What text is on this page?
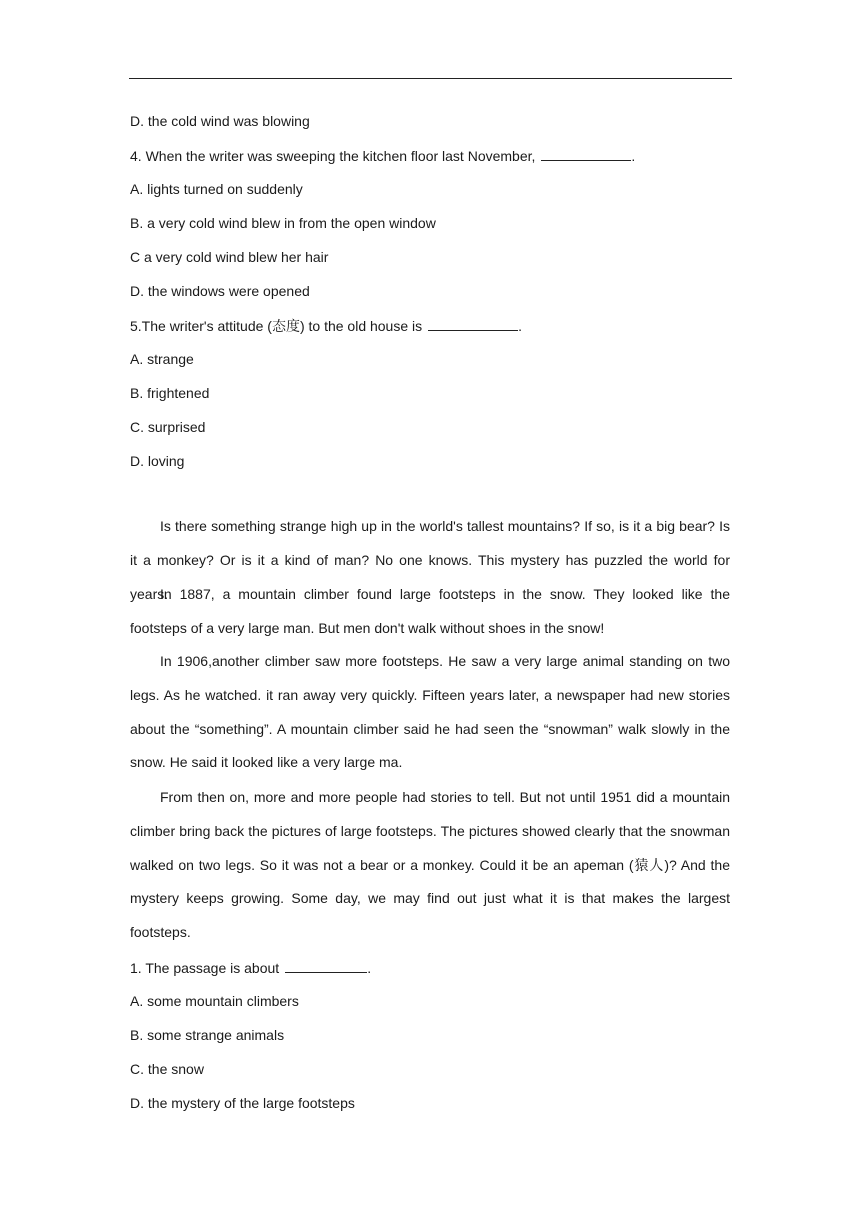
D. the cold wind was blowing
4. When the writer was sweeping the kitchen floor last November,	.
A. lights turned on suddenly
B. a very cold wind blew in from the open window
C a very cold wind blew her hair
D. the windows were opened
5.The writer's attitude (态度) to the old house is	.
A. strange
B. frightened
C. surprised
D. loving

Is there something strange high up in the world's tallest mountains? If so, is it a big bear? Is it a monkey? Or is it a kind of man? No one knows. This mystery has puzzled the world for years.

In 1887, a mountain climber found large footsteps in the snow. They looked like the footsteps of a very large man. But men don't walk without shoes in the snow!

In 1906,another climber saw more footsteps. He saw a very large animal standing on two legs. As he watched. it ran away very quickly. Fifteen years later, a newspaper had new stories about the “something”. A mountain climber said he had seen the “snowman” walk slowly in the snow. He said it looked like a very large ma.

From then on, more and more people had stories to tell. But not until 1951 did a mountain climber bring back the pictures of large footsteps. The pictures showed clearly that the snowman walked on two legs. So it was not a bear or a monkey. Could it be an apeman (猿人)? And the mystery keeps growing. Some day, we may find out just what it is that makes the largest footsteps.

1. The passage is about	.
A. some mountain climbers
B. some strange animals
C. the snow
D. the mystery of the large footsteps
